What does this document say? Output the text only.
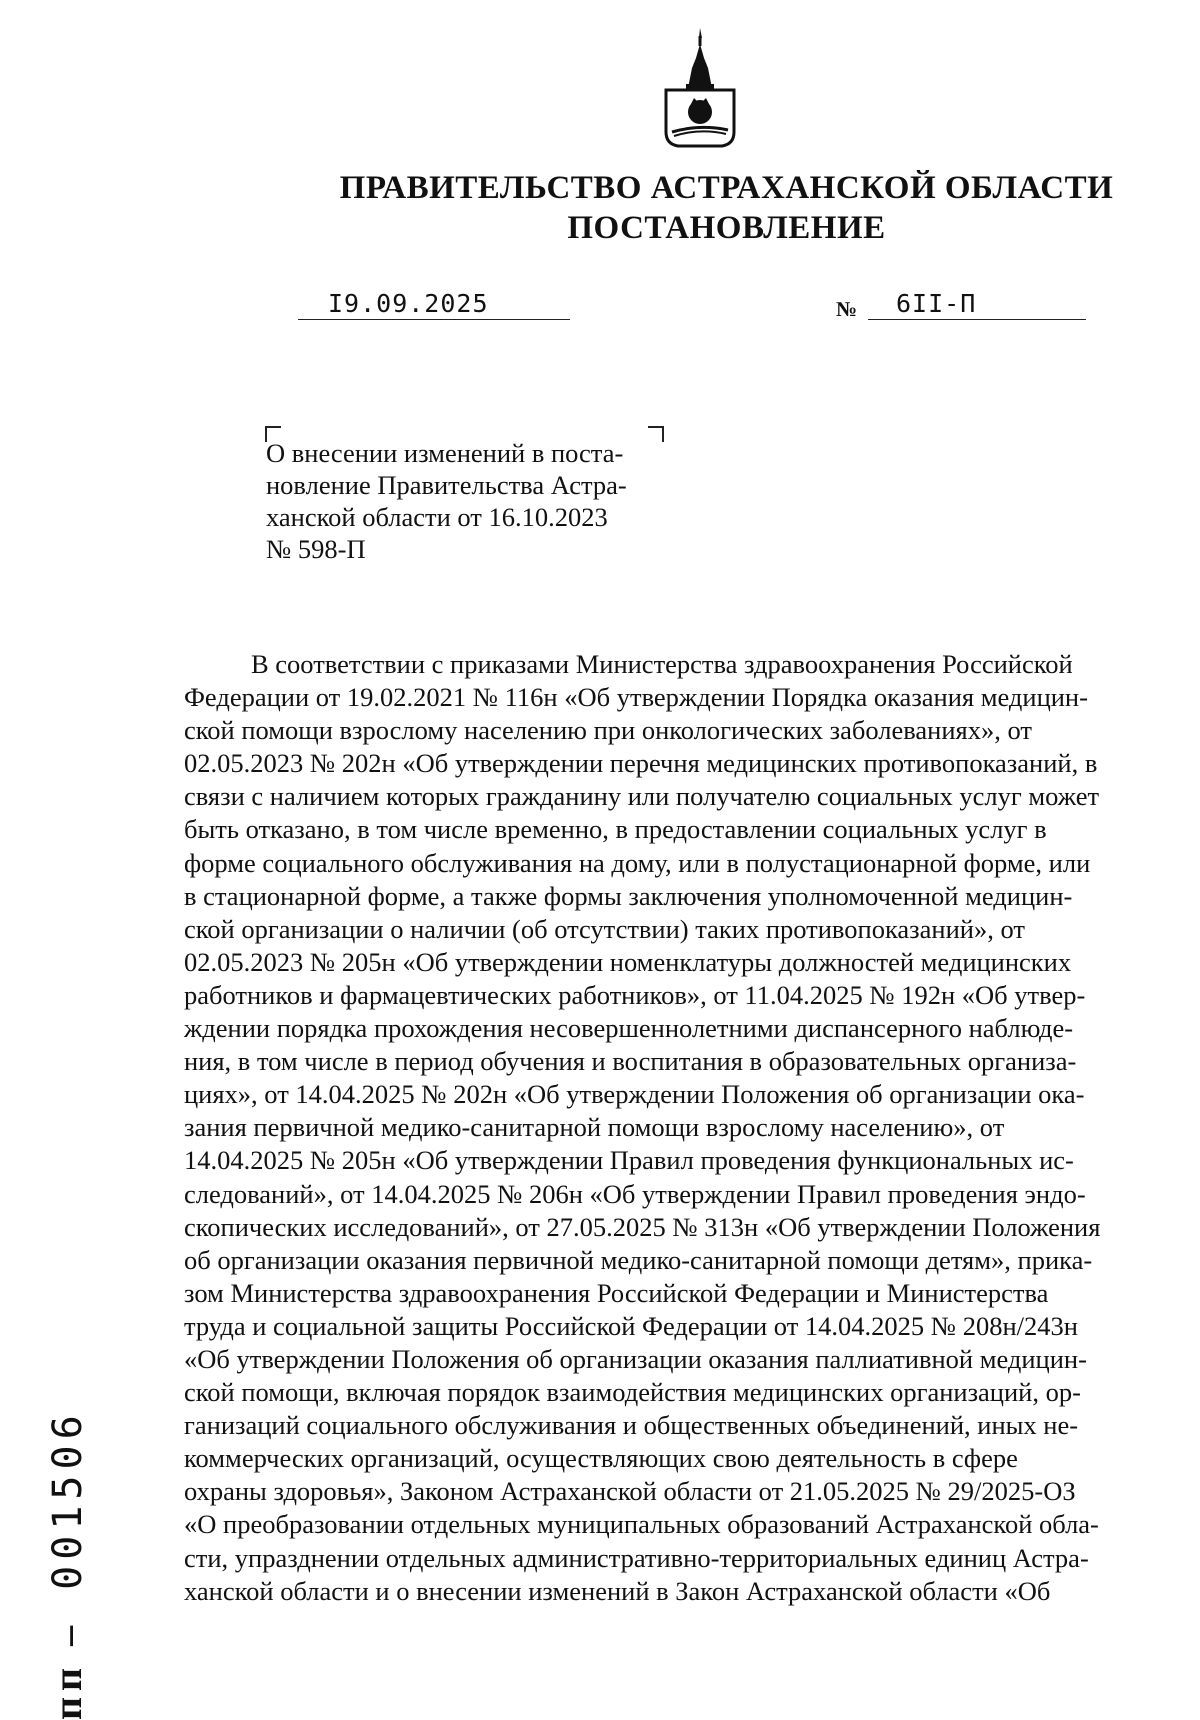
ПРАВИТЕЛЬСТВО АСТРАХАНСКОЙ ОБЛАСТИ
ПОСТАНОВЛЕНИЕ
I9.09.2025	№ 6II-П

О внесении изменений в поста-

новление Правительства Астра-

ханской области от 16.10.2023

№ 598-П

В соответствии с приказами Министерства здравоохранения Российской

Федерации от 19.02.2021 № 116н «Об утверждении Порядка оказания медицин-

ской помощи взрослому населению при онкологических заболеваниях», от

02.05.2023 № 202н «Об утверждении перечня медицинских противопоказаний, в

связи с наличием которых гражданину или получателю социальных услуг может

быть отказано, в том числе временно, в предоставлении социальных услуг в

форме социального обслуживания на дому, или в полустационарной форме, или

в стационарной форме, а также формы заключения уполномоченной медицин-

ской организации о наличии (об отсутствии) таких противопоказаний», от

02.05.2023 № 205н «Об утверждении номенклатуры должностей медицинских

работников и фармацевтических работников», от 11.04.2025 № 192н «Об утвер-

ждении порядка прохождения несовершеннолетними диспансерного наблюде-

ния, в том числе в период обучения и воспитания в образовательных организа-

циях», от 14.04.2025 № 202н «Об утверждении Положения об организации ока-

зания первичной медико-санитарной помощи взрослому населению», от

14.04.2025 № 205н «Об утверждении Правил проведения функциональных ис-

следований», от 14.04.2025 № 206н «Об утверждении Правил проведения эндо-

скопических исследований», от 27.05.2025 № 313н «Об утверждении Положения

об организации оказания первичной медико-санитарной помощи детям», прика-

зом Министерства здравоохранения Российской Федерации и Министерства

труда и социальной защиты Российской Федерации от 14.04.2025 № 208н/243н

«Об утверждении Положения об организации оказания паллиативной медицин-

ской помощи, включая порядок взаимодействия медицинских организаций, ор-

ганизаций социального обслуживания и общественных объединений, иных не-

коммерческих организаций, осуществляющих свою деятельность в сфере

охраны здоровья», Законом Астраханской области от 21.05.2025 № 29/2025-ОЗ

«О преобразовании отдельных муниципальных образований Астраханской обла-

сти, упразднении отдельных административно-территориальных единиц Астра-

ханской области и о внесении изменений в Закон Астраханской области «Об

пп – 001506
